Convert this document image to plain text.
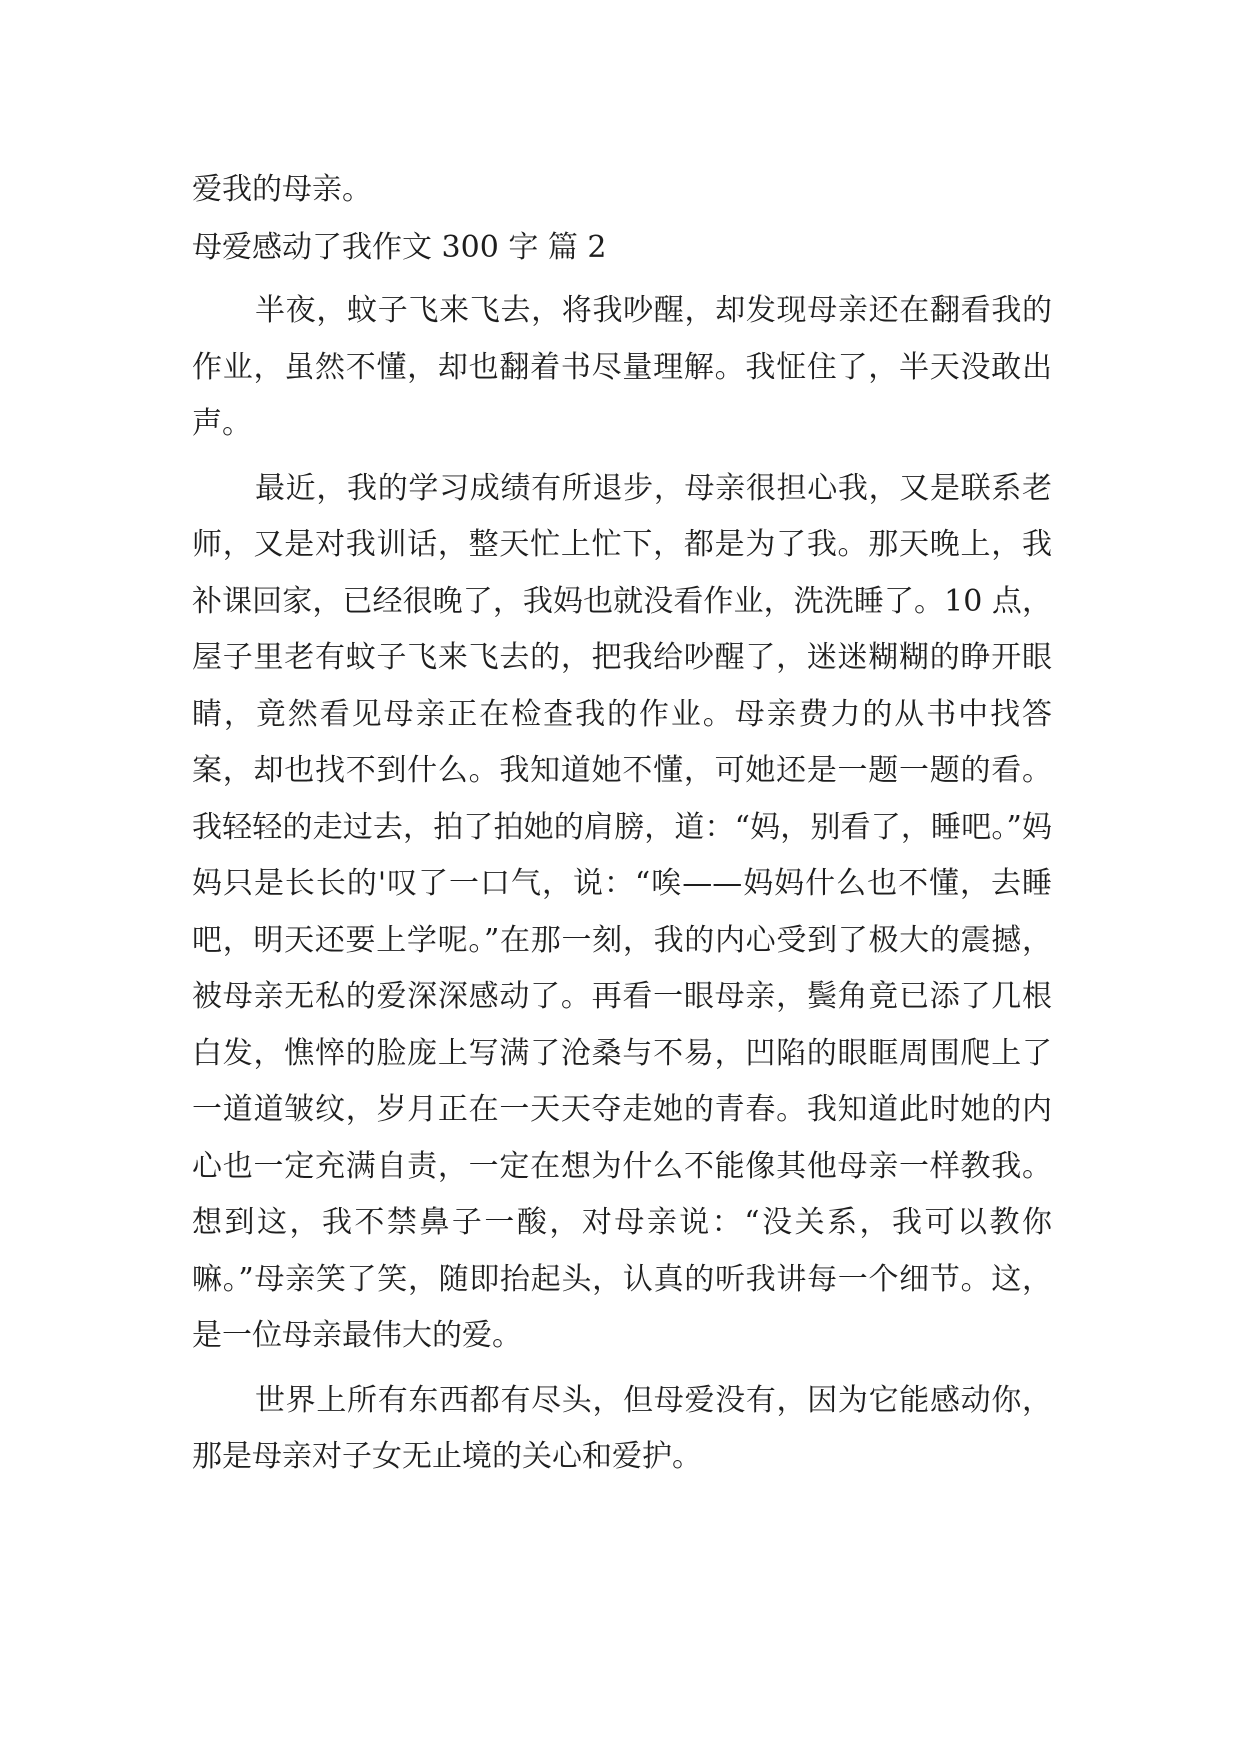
爱我的母亲。

母爱感动了我作文 300 字 篇 2

半夜，蚊子飞来飞去，将我吵醒，却发现母亲还在翻看我的作业，虽然不懂，却也翻着书尽量理解。我怔住了，半天没敢出声。

最近，我的学习成绩有所退步，母亲很担心我，又是联系老师，又是对我训话，整天忙上忙下，都是为了我。那天晚上，我补课回家，已经很晚了，我妈也就没看作业，洗洗睡了。10 点，屋子里老有蚊子飞来飞去的，把我给吵醒了，迷迷糊糊的睁开眼睛，竟然看见母亲正在检查我的作业。母亲费力的从书中找答案，却也找不到什么。我知道她不懂，可她还是一题一题的看。我轻轻的走过去，拍了拍她的肩膀，道：“妈，别看了，睡吧。”妈妈只是长长的'叹了一口气，说：“唉——妈妈什么也不懂，去睡吧，明天还要上学呢。”在那一刻，我的内心受到了极大的震撼，被母亲无私的爱深深感动了。再看一眼母亲，鬓角竟已添了几根白发，憔悴的脸庞上写满了沧桑与不易，凹陷的眼眶周围爬上了一道道皱纹，岁月正在一天天夺走她的青春。我知道此时她的内心也一定充满自责，一定在想为什么不能像其他母亲一样教我。想到这，我不禁鼻子一酸，对母亲说：“没关系，我可以教你嘛。”母亲笑了笑，随即抬起头，认真的听我讲每一个细节。这，是一位母亲最伟大的爱。

世界上所有东西都有尽头，但母爱没有，因为它能感动你，那是母亲对子女无止境的关心和爱护。
